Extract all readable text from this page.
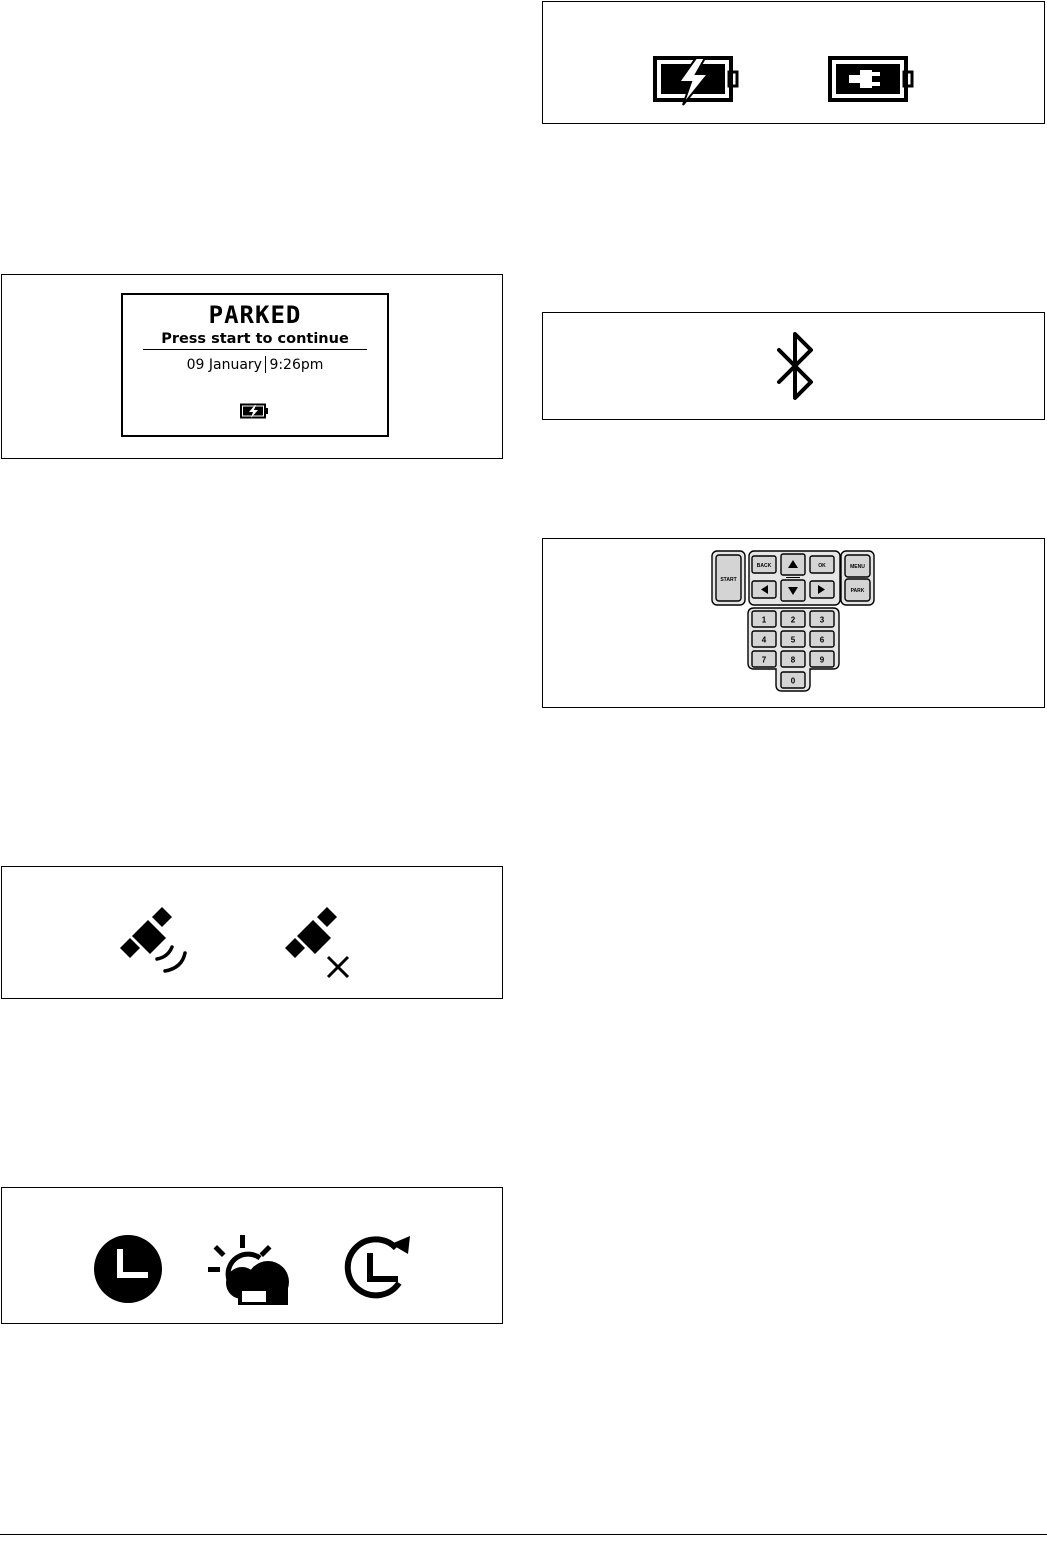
PARKED
Press start to continue
09 January 9:26pm
START
BACK	OK	MENU
PARK
1	2	3
4	5	6
7	8	9
0
